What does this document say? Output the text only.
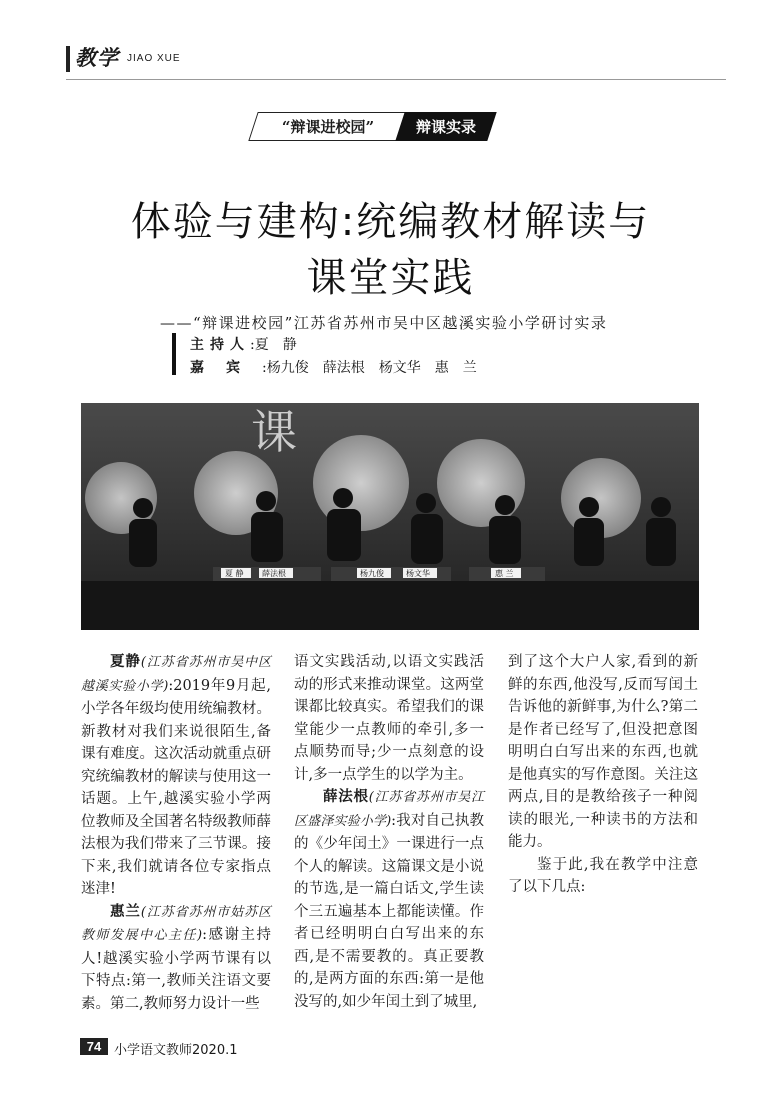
教学 JIAO XUE
“辩课进校园”	辩课实录
体验与建构:统编教材解读与
课堂实践
——“辩课进校园”江苏省苏州市吴中区越溪实验小学研讨实录
主持人:夏　静
嘉宾:杨九俊　薛法根　杨文华　惠　兰
课
夏 静 薛法根	杨九俊	杨文华	惠 兰

夏静(江苏省苏州市吴中区越溪实验小学):2019年9月起,小学各年级均使用统编教材。新教材对我们来说很陌生,备课有难度。这次活动就重点研究统编教材的解读与使用这一话题。上午,越溪实验小学两位教师及全国著名特级教师薛法根为我们带来了三节课。接下来,我们就请各位专家指点迷津!

惠兰(江苏省苏州市姑苏区教师发展中心主任):感谢主持人!越溪实验小学两节课有以下特点:第一,教师关注语文要素。第二,教师努力设计一些

语文实践活动,以语文实践活动的形式来推动课堂。这两堂课都比较真实。希望我们的课堂能少一点教师的牵引,多一点顺势而导;少一点刻意的设计,多一点学生的以学为主。

薛法根(江苏省苏州市吴江区盛泽实验小学):我对自己执教的《少年闰土》一课进行一点个人的解读。这篇课文是小说的节选,是一篇白话文,学生读个三五遍基本上都能读懂。作者已经明明白白写出来的东西,是不需要教的。真正要教的,是两方面的东西:第一是他没写的,如少年闰土到了城里,

到了这个大户人家,看到的新鲜的东西,他没写,反而写闰土告诉他的新鲜事,为什么?第二是作者已经写了,但没把意图明明白白写出来的东西,也就是他真实的写作意图。关注这两点,目的是教给孩子一种阅读的眼光,一种读书的方法和能力。

鉴于此,我在教学中注意了以下几点:

74 小学语文教师2020.1
